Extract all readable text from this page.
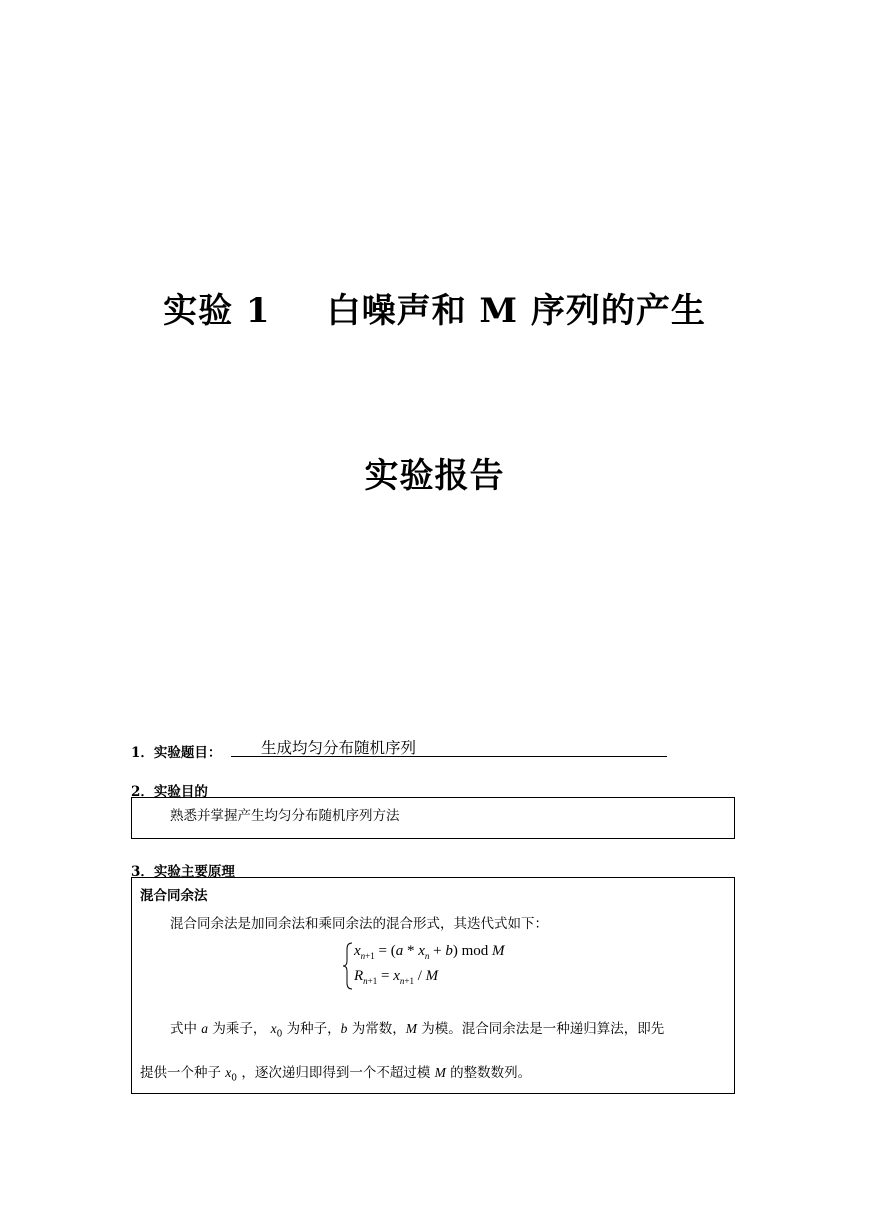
实验 1 白噪声和 M 序列的产生
实验报告
1．实验题目：	生成均匀分布随机序列
2．实验目的
熟悉并掌握产生均匀分布随机序列方法
3．实验主要原理
混合同余法
混合同余法是加同余法和乘同余法的混合形式，其迭代式如下：
$x_{n+1} = (a * x_n + b)$ mod M
$R_{n+1} = x_{n+1} / M$
式中 a 为乘子， $x_0$ 为种子，b 为常数，M 为模。混合同余法是一种递归算法，即先
提供一个种子 $x_0$ ，逐次递归即得到一个不超过模 M 的整数数列。
